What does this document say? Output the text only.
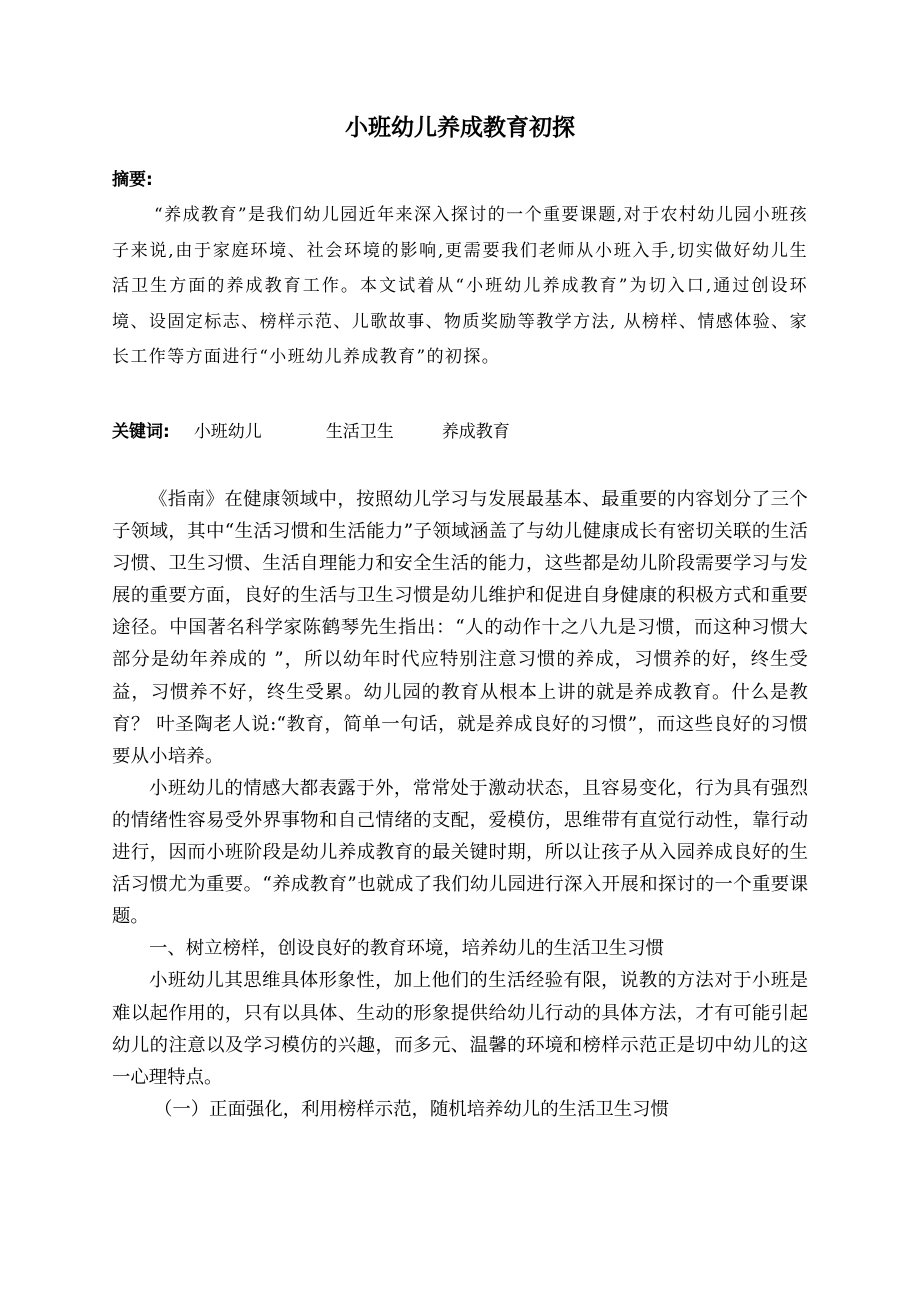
小班幼儿养成教育初探
摘要:

“养成教育”是我们幼儿园近年来深入探讨的一个重要课题,对于农村幼儿园小班孩子来说,由于家庭环境、社会环境的影响,更需要我们老师从小班入手,切实做好幼儿生活卫生方面的养成教育工作。本文试着从“小班幼儿养成教育”为切入口,通过创设环境、设固定标志、榜样示范、儿歌故事、物质奖励等教学方法, 从榜样、情感体验、家长工作等方面进行“小班幼儿养成教育”的初探。

关键词: 小班幼儿	生活卫生	养成教育

《指南》在健康领域中，按照幼儿学习与发展最基本、最重要的内容划分了三个子领域，其中“生活习惯和生活能力”子领域涵盖了与幼儿健康成长有密切关联的生活习惯、卫生习惯、生活自理能力和安全生活的能力，这些都是幼儿阶段需要学习与发展的重要方面，良好的生活与卫生习惯是幼儿维护和促进自身健康的积极方式和重要途径。中国著名科学家陈鹤琴先生指出：“人的动作十之八九是习惯，而这种习惯大部分是幼年养成的 ”，所以幼年时代应特别注意习惯的养成，习惯养的好，终生受益，习惯养不好，终生受累。幼儿园的教育从根本上讲的就是养成教育。什么是教育？ 叶圣陶老人说:“教育，简单一句话，就是养成良好的习惯”，而这些良好的习惯要从小培养。

小班幼儿的情感大都表露于外，常常处于激动状态，且容易变化，行为具有强烈的情绪性容易受外界事物和自己情绪的支配，爱模仿，思维带有直觉行动性，靠行动进行，因而小班阶段是幼儿养成教育的最关键时期，所以让孩子从入园养成良好的生活习惯尤为重要。“养成教育”也就成了我们幼儿园进行深入开展和探讨的一个重要课题。

一、树立榜样，创设良好的教育环境，培养幼儿的生活卫生习惯

小班幼儿其思维具体形象性，加上他们的生活经验有限，说教的方法对于小班是难以起作用的，只有以具体、生动的形象提供给幼儿行动的具体方法，才有可能引起幼儿的注意以及学习模仿的兴趣，而多元、温馨的环境和榜样示范正是切中幼儿的这一心理特点。

（一）正面强化，利用榜样示范，随机培养幼儿的生活卫生习惯
